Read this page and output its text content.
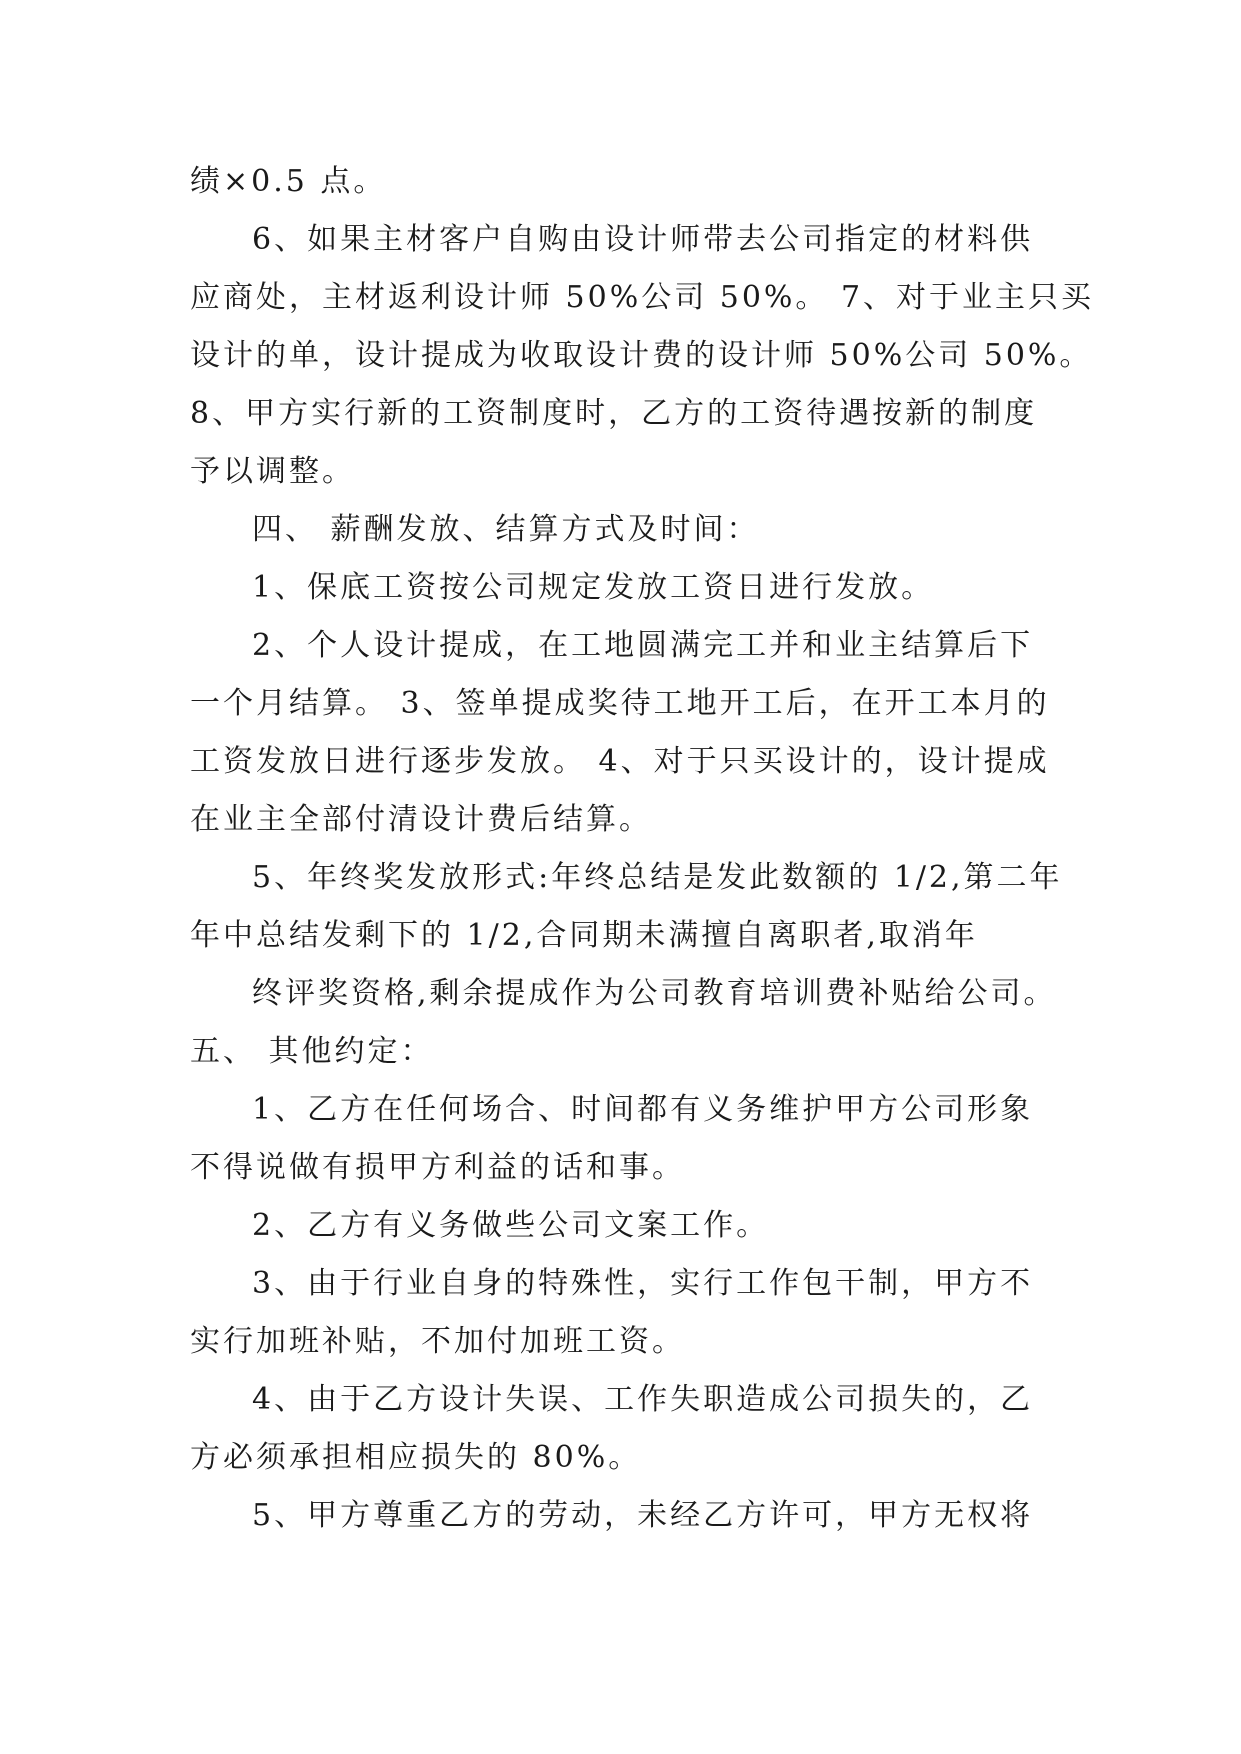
绩×0.5 点。
6、如果主材客户自购由设计师带去公司指定的材料供
应商处，主材返利设计师 50%公司 50%。 7、对于业主只买
设计的单，设计提成为收取设计费的设计师 50%公司 50%。
8、甲方实行新的工资制度时，乙方的工资待遇按新的制度
予以调整。
四、 薪酬发放、结算方式及时间：
1、保底工资按公司规定发放工资日进行发放。
2、个人设计提成，在工地圆满完工并和业主结算后下
一个月结算。 3、签单提成奖待工地开工后，在开工本月的
工资发放日进行逐步发放。 4、对于只买设计的，设计提成
在业主全部付清设计费后结算。
5、年终奖发放形式:年终总结是发此数额的 1/2,第二年
年中总结发剩下的 1/2,合同期未满擅自离职者,取消年
终评奖资格,剩余提成作为公司教育培训费补贴给公司。
五、 其他约定：
1、乙方在任何场合、时间都有义务维护甲方公司形象
不得说做有损甲方利益的话和事。
2、乙方有义务做些公司文案工作。
3、由于行业自身的特殊性，实行工作包干制，甲方不
实行加班补贴，不加付加班工资。
4、由于乙方设计失误、工作失职造成公司损失的，乙
方必须承担相应损失的 80%。
5、甲方尊重乙方的劳动，未经乙方许可，甲方无权将
